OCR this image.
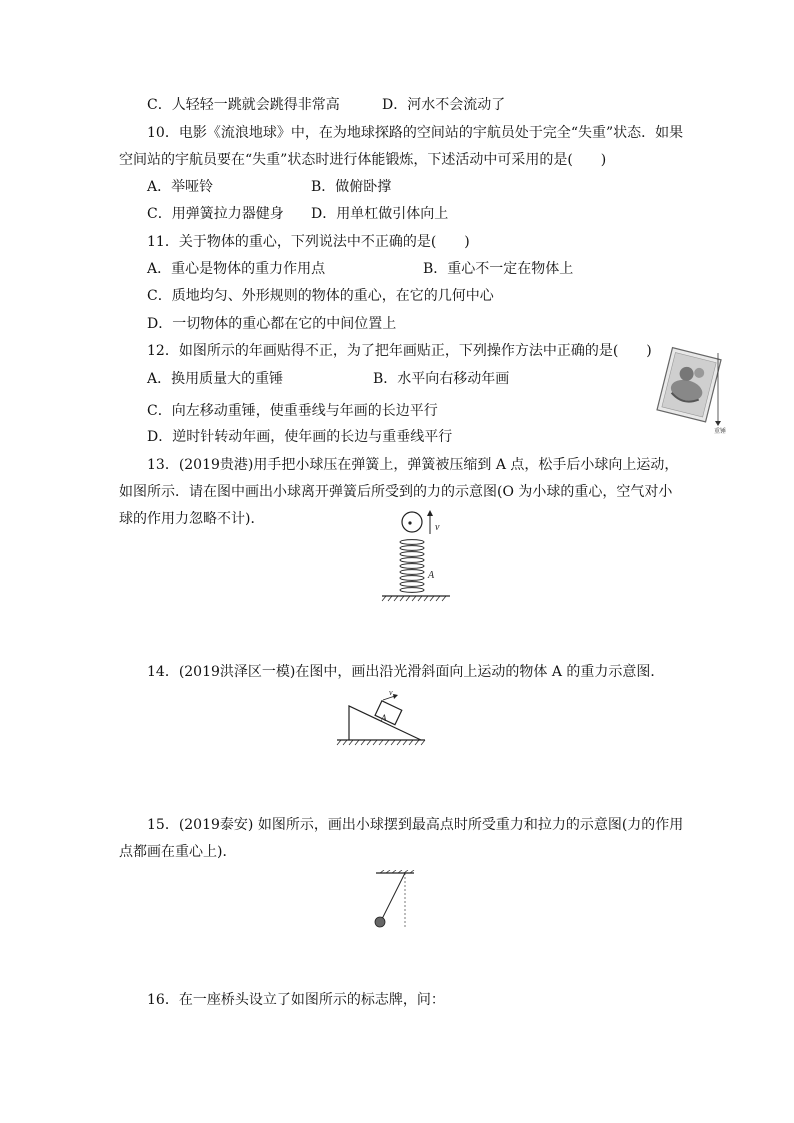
C．人轻轻一跳就会跳得非常高	D．河水不会流动了
10．电影《流浪地球》中，在为地球探路的空间站的宇航员处于完全“失重”状态．如果
空间站的宇航员要在“失重”状态时进行体能锻炼，下述活动中可采用的是(　　)
A．举哑铃	B．做俯卧撑
C．用弹簧拉力器健身 D．用单杠做引体向上
11．关于物体的重心，下列说法中不正确的是(　　)
A．重心是物体的重力作用点	B．重心不一定在物体上
C．质地均匀、外形规则的物体的重心，在它的几何中心
D．一切物体的重心都在它的中间位置上
12．如图所示的年画贴得不正，为了把年画贴正，下列操作方法中正确的是(　　)
A．换用质量大的重锤	B．水平向右移动年画
C．向左移动重锤，使重垂线与年画的长边平行
D．逆时针转动年画，使年画的长边与重垂线平行	重锤
13．(2019贵港)用手把小球压在弹簧上，弹簧被压缩到 A 点，松手后小球向上运动，
如图所示．请在图中画出小球离开弹簧后所受到的力的示意图(O 为小球的重心，空气对小
球的作用力忽略不计)．
v
A
14．(2019洪泽区一模)在图中，画出沿光滑斜面向上运动的物体 A 的重力示意图．
A
v
15．(2019泰安) 如图所示，画出小球摆到最高点时所受重力和拉力的示意图(力的作用
点都画在重心上)．
16．在一座桥头设立了如图所示的标志牌，问：
